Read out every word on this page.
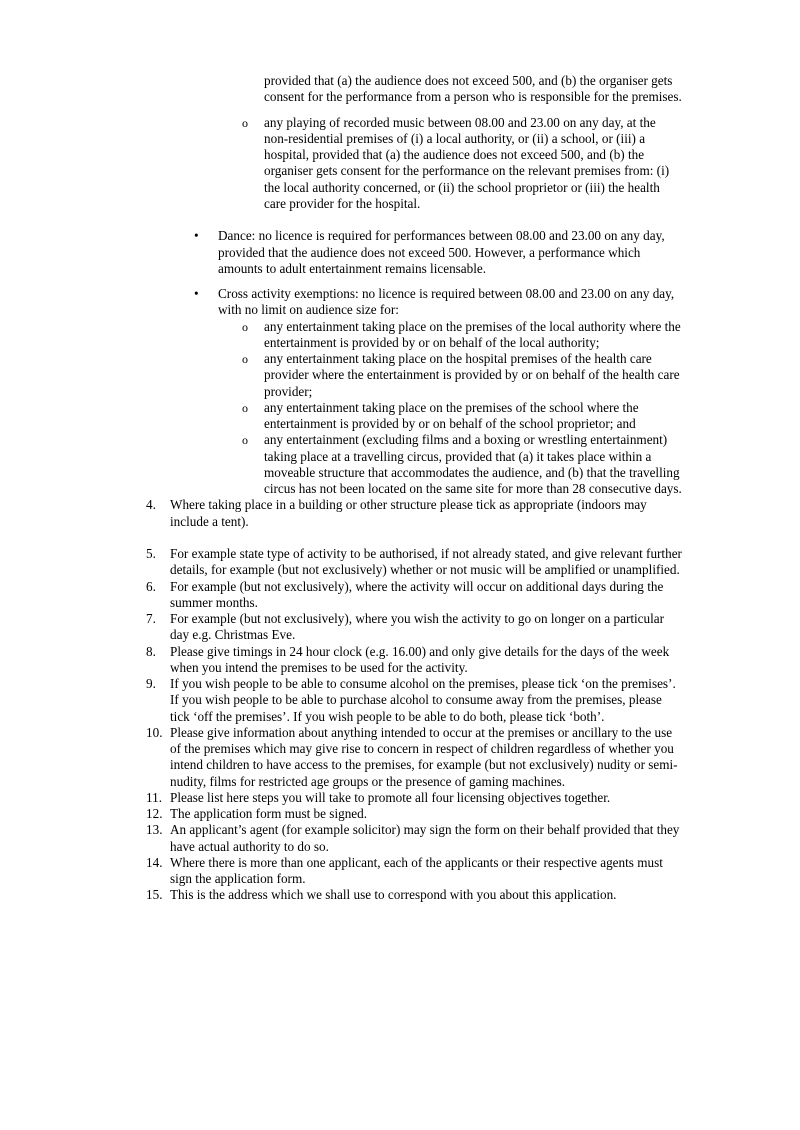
provided that (a) the audience does not exceed 500, and (b) the organiser gets consent for the performance from a person who is responsible for the premises.
o	any playing of recorded music between 08.00 and 23.00 on any day, at the non-residential premises of (i) a local authority, or (ii) a school, or (iii) a hospital, provided that (a) the audience does not exceed 500, and (b) the organiser gets consent for the performance on the relevant premises from: (i) the local authority concerned, or (ii) the school proprietor or (iii) the health care provider for the hospital.
•	Dance: no licence is required for performances between 08.00 and 23.00 on any day, provided that the audience does not exceed 500. However, a performance which amounts to adult entertainment remains licensable.
•	Cross activity exemptions: no licence is required between 08.00 and 23.00 on any day, with no limit on audience size for:
o	any entertainment taking place on the premises of the local authority where the entertainment is provided by or on behalf of the local authority;
o	any entertainment taking place on the hospital premises of the health care provider where the entertainment is provided by or on behalf of the health care provider;
o	any entertainment taking place on the premises of the school where the entertainment is provided by or on behalf of the school proprietor; and
o	any entertainment (excluding films and a boxing or wrestling entertainment) taking place at a travelling circus, provided that (a) it takes place within a moveable structure that accommodates the audience, and (b) that the travelling circus has not been located on the same site for more than 28 consecutive days.
4.	Where taking place in a building or other structure please tick as appropriate (indoors may include a tent).
5.	For example state type of activity to be authorised, if not already stated, and give relevant further details, for example (but not exclusively) whether or not music will be amplified or unamplified.
6.	For example (but not exclusively), where the activity will occur on additional days during the summer months.
7.	For example (but not exclusively), where you wish the activity to go on longer on a particular day e.g. Christmas Eve.
8.	Please give timings in 24 hour clock (e.g. 16.00) and only give details for the days of the week when you intend the premises to be used for the activity.
9.	If you wish people to be able to consume alcohol on the premises, please tick ‘on the premises’. If you wish people to be able to purchase alcohol to consume away from the premises, please tick ‘off the premises’. If you wish people to be able to do both, please tick ‘both’.
10. Please give information about anything intended to occur at the premises or ancillary to the use of the premises which may give rise to concern in respect of children regardless of whether you intend children to have access to the premises, for example (but not exclusively) nudity or semi-nudity, films for restricted age groups or the presence of gaming machines.
11. Please list here steps you will take to promote all four licensing objectives together.
12. The application form must be signed.
13. An applicant’s agent (for example solicitor) may sign the form on their behalf provided that they have actual authority to do so.
14. Where there is more than one applicant, each of the applicants or their respective agents must sign the application form.
15. This is the address which we shall use to correspond with you about this application.
